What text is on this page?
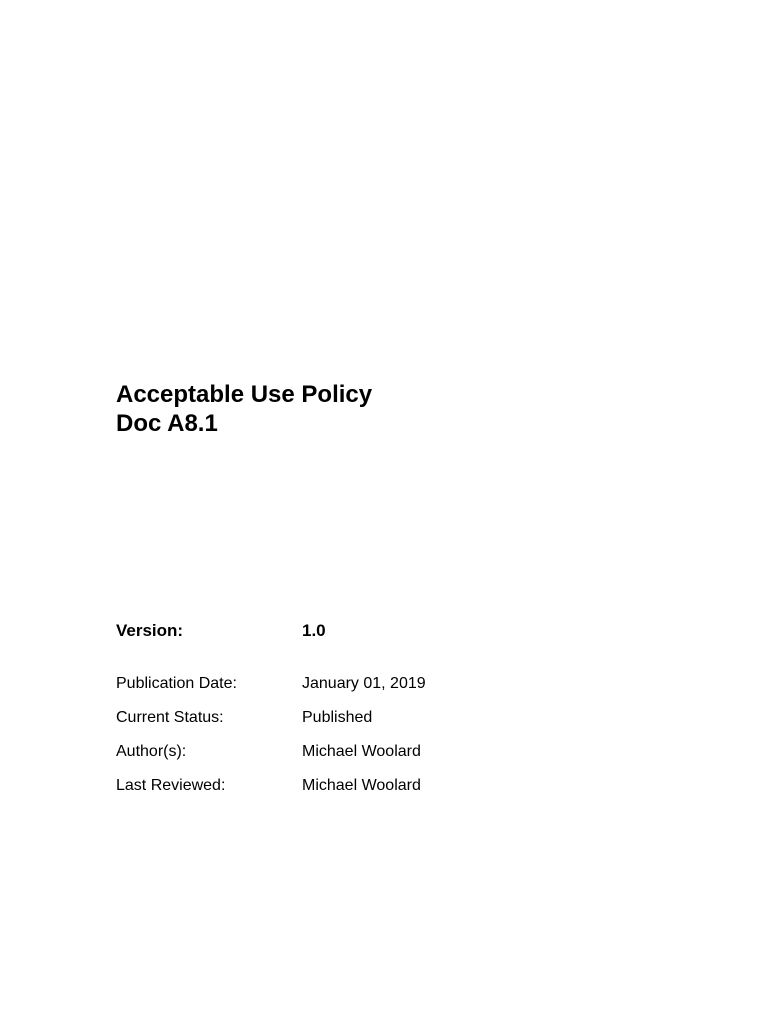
Acceptable Use Policy
Doc A8.1
Version:	1.0
Publication Date:	January 01, 2019
Current Status:	Published
Author(s):	Michael Woolard
Last Reviewed:	Michael Woolard
